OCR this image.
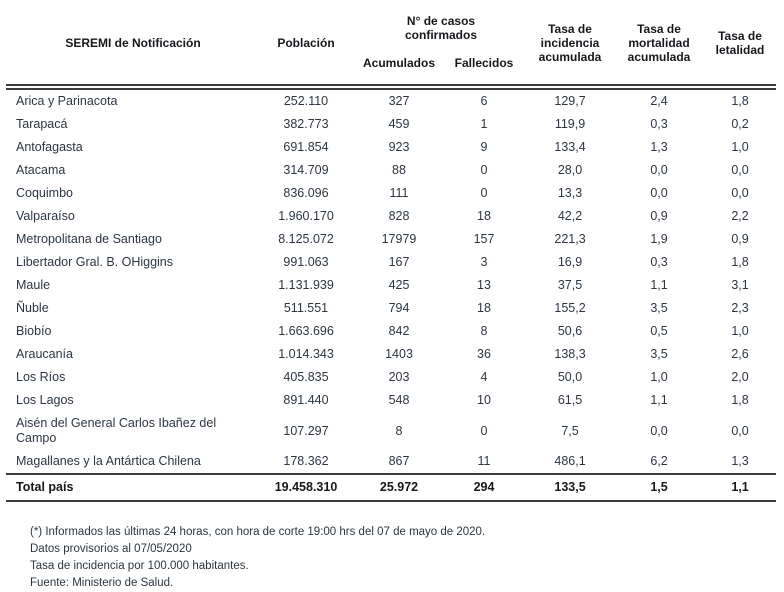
SEREMI de Notificación	Población	N° de casos confirmados		Tasa de incidencia acumulada	Tasa de mortalidad acumulada	Tasa de letalidad
		Acumulados	Fallecidos			
Arica y Parinacota	252.110	327	6	129,7	2,4	1,8
Tarapacá	382.773	459	1	119,9	0,3	0,2
Antofagasta	691.854	923	9	133,4	1,3	1,0
Atacama	314.709	88	0	28,0	0,0	0,0
Coquimbo	836.096	111	0	13,3	0,0	0,0
Valparaíso	1.960.170	828	18	42,2	0,9	2,2
Metropolitana de Santiago	8.125.072	17979	157	221,3	1,9	0,9
Libertador Gral. B. OHiggins	991.063	167	3	16,9	0,3	1,8
Maule	1.131.939	425	13	37,5	1,1	3,1
Ñuble	511.551	794	18	155,2	3,5	2,3
Biobío	1.663.696	842	8	50,6	0,5	1,0
Araucanía	1.014.343	1403	36	138,3	3,5	2,6
Los Ríos	405.835	203	4	50,0	1,0	2,0
Los Lagos	891.440	548	10	61,5	1,1	1,8
Aisén del General Carlos Ibañez del Campo	107.297	8	0	7,5	0,0	0,0
Magallanes y la Antártica Chilena	178.362	867	11	486,1	6,2	1,3
Total país	19.458.310	25.972	294	133,5	1,5	1,1
(*) Informados las últimas 24 horas, con hora de corte 19:00 hrs del 07 de mayo de 2020.
Datos provisorios al 07/05/2020
Tasa de incidencia por 100.000 habitantes.
Fuente: Ministerio de Salud.
